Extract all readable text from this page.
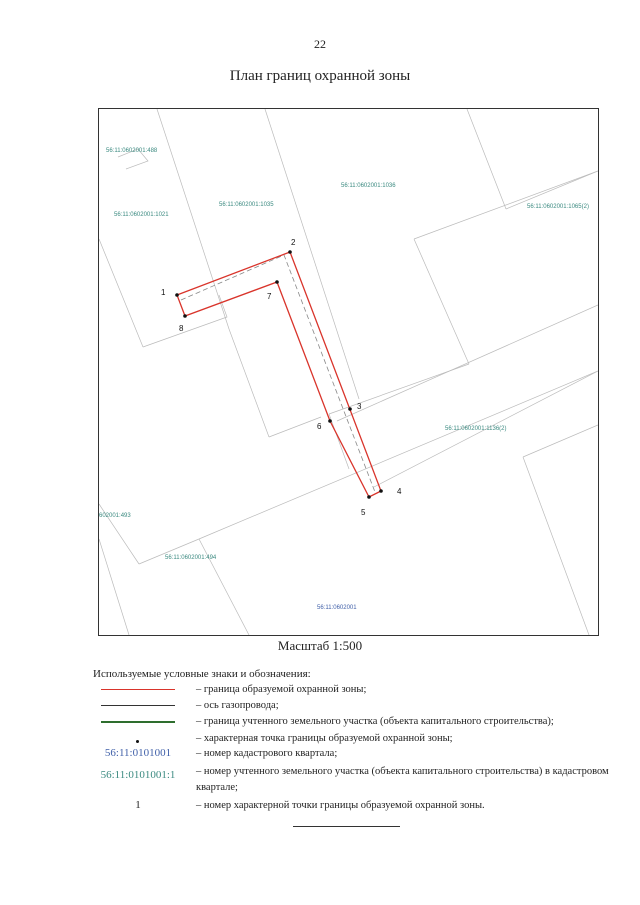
22
План границ охранной зоны
1
2
3
4
5
6
7
8
56:11:0602001:488
56:11:0602001:1021
56:11:0602001:1035
56:11:0602001:1036
56:11:0602001:1065(2)
56:11:0602001:1136(2)
602001:493
56:11:0602001:494
56:11:0602001
Масштаб 1:500
Используемые условные знаки и обозначения:
– граница образуемой охранной зоны;
– ось газопровода;
– граница учтенного земельного участка (объекта капитального строительства);
– характерная точка границы образуемой охранной зоны;
56:11:0101001	– номер кадастрового квартала;
56:11:0101001:1	– номер учтенного земельного участка (объекта капитального строительства) в кадастровом квартале;
1	– номер характерной точки границы образуемой охранной зоны.
